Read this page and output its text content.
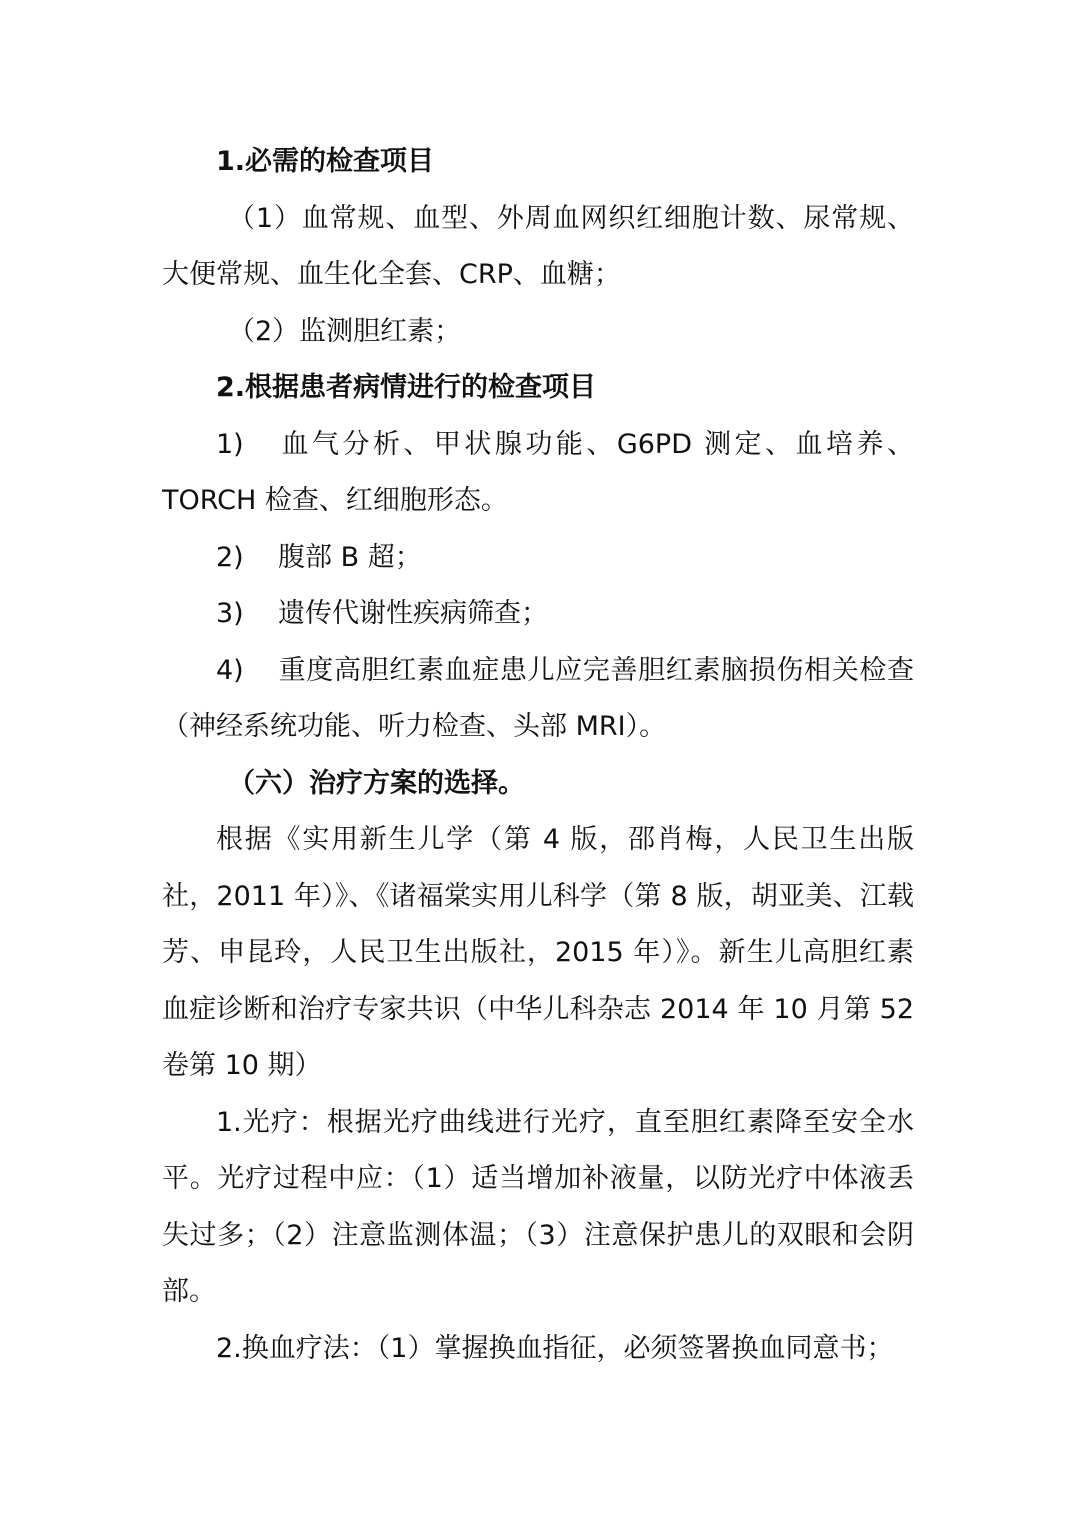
1.必需的检查项目

（1）血常规、血型、外周血网织红细胞计数、尿常规、大便常规、血生化全套、CRP、血糖；

（2）监测胆红素；

2.根据患者病情进行的检查项目

1) 血气分析、甲状腺功能、G6PD 测定、血培养、TORCH 检查、红细胞形态。

2) 腹部 B 超；

3) 遗传代谢性疾病筛查；

4) 重度高胆红素血症患儿应完善胆红素脑损伤相关检查（神经系统功能、听力检查、头部 MRI）。

（六）治疗方案的选择。

根据《实用新生儿学（第 4 版，邵肖梅，人民卫生出版社，2011 年）》、《诸福棠实用儿科学（第 8 版，胡亚美、江载芳、申昆玲，人民卫生出版社，2015 年）》。新生儿高胆红素血症诊断和治疗专家共识（中华儿科杂志 2014 年 10 月第 52 卷第 10 期）

1.光疗：根据光疗曲线进行光疗，直至胆红素降至安全水平。光疗过程中应：（1）适当增加补液量，以防光疗中体液丢失过多；（2）注意监测体温；（3）注意保护患儿的双眼和会阴部。

2.换血疗法：（1）掌握换血指征，必须签署换血同意书；
